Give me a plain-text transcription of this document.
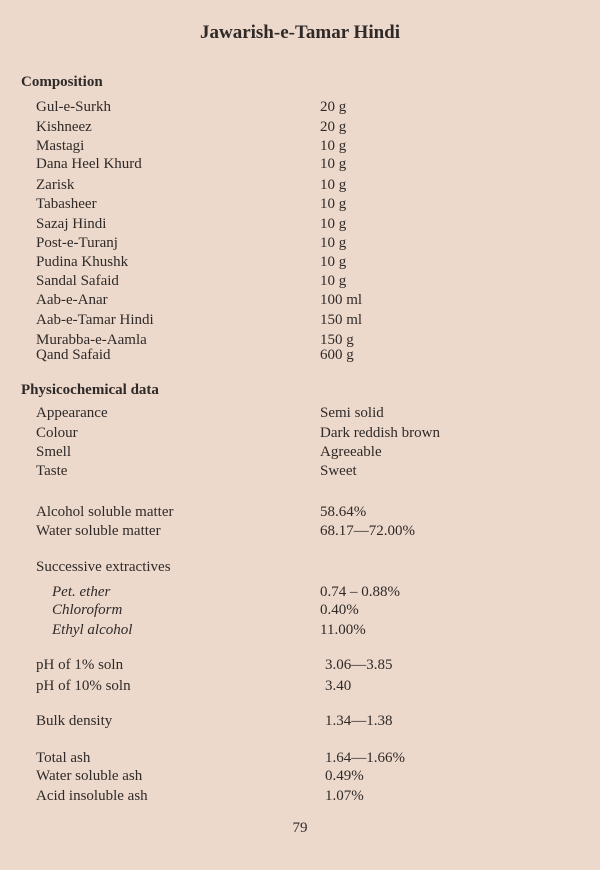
Jawarish-e-Tamar Hindi
Composition
Gul-e-Surkh	20 g
Kishneez	20 g
Mastagi	10 g
Dana Heel Khurd	10 g
Zarisk	10 g
Tabasheer	10 g
Sazaj Hindi	10 g
Post-e-Turanj	10 g
Pudina Khushk	10 g
Sandal Safaid	10 g
Aab-e-Anar	100 ml
Aab-e-Tamar Hindi	150 ml
Murabba-e-Aamla	150 g
Qand Safaid	600 g
Physicochemical data
Appearance	Semi solid
Colour	Dark reddish brown
Smell	Agreeable
Taste	Sweet
Alcohol soluble matter	58.64%
Water soluble matter	68.17—72.00%
Successive extractives
Pet. ether	0.74 – 0.88%
Chloroform	0.40%
Ethyl alcohol	11.00%
pH of 1% soln	3.06—3.85
pH of 10% soln	3.40
Bulk density	1.34—1.38
Total ash	1.64—1.66%
Water soluble ash	0.49%
Acid insoluble ash	1.07%
79
